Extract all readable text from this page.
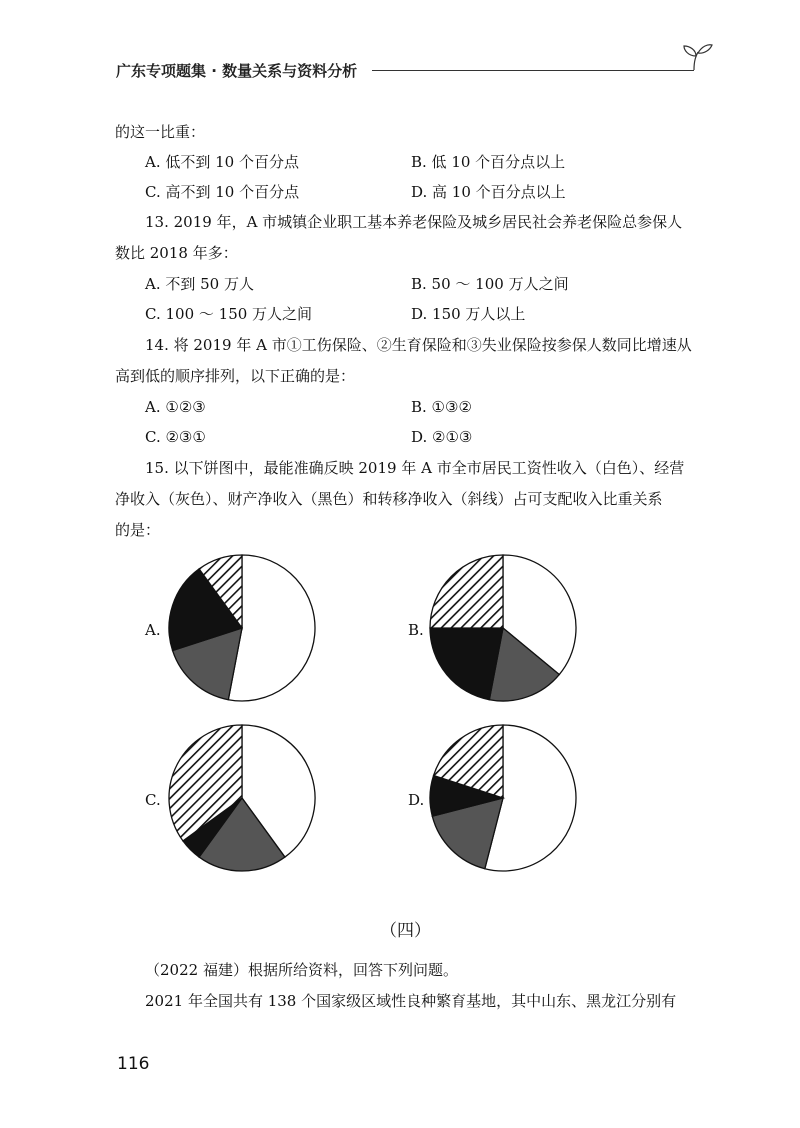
广东专项题集 · 数量关系与资料分析
的这一比重：
A. 低不到 10 个百分点	B. 低 10 个百分点以上
C. 高不到 10 个百分点	D. 高 10 个百分点以上
13. 2019 年，A 市城镇企业职工基本养老保险及城乡居民社会养老保险总参保人
数比 2018 年多：
A. 不到 50 万人	B. 50 ～ 100 万人之间
C. 100 ～ 150 万人之间	D. 150 万人以上
14. 将 2019 年 A 市①工伤保险、②生育保险和③失业保险按参保人数同比增速从
高到低的顺序排列，以下正确的是：
A. ①②③	B. ①③②
C. ②③①	D. ②①③
15. 以下饼图中，最能准确反映 2019 年 A 市全市居民工资性收入（白色）、经营
净收入（灰色）、财产净收入（黑色）和转移净收入（斜线）占可支配收入比重关系
的是：
A.	B.
C.	D.
（四）
（2022 福建）根据所给资料，回答下列问题。
2021 年全国共有 138 个国家级区域性良种繁育基地，其中山东、黑龙江分别有
116
